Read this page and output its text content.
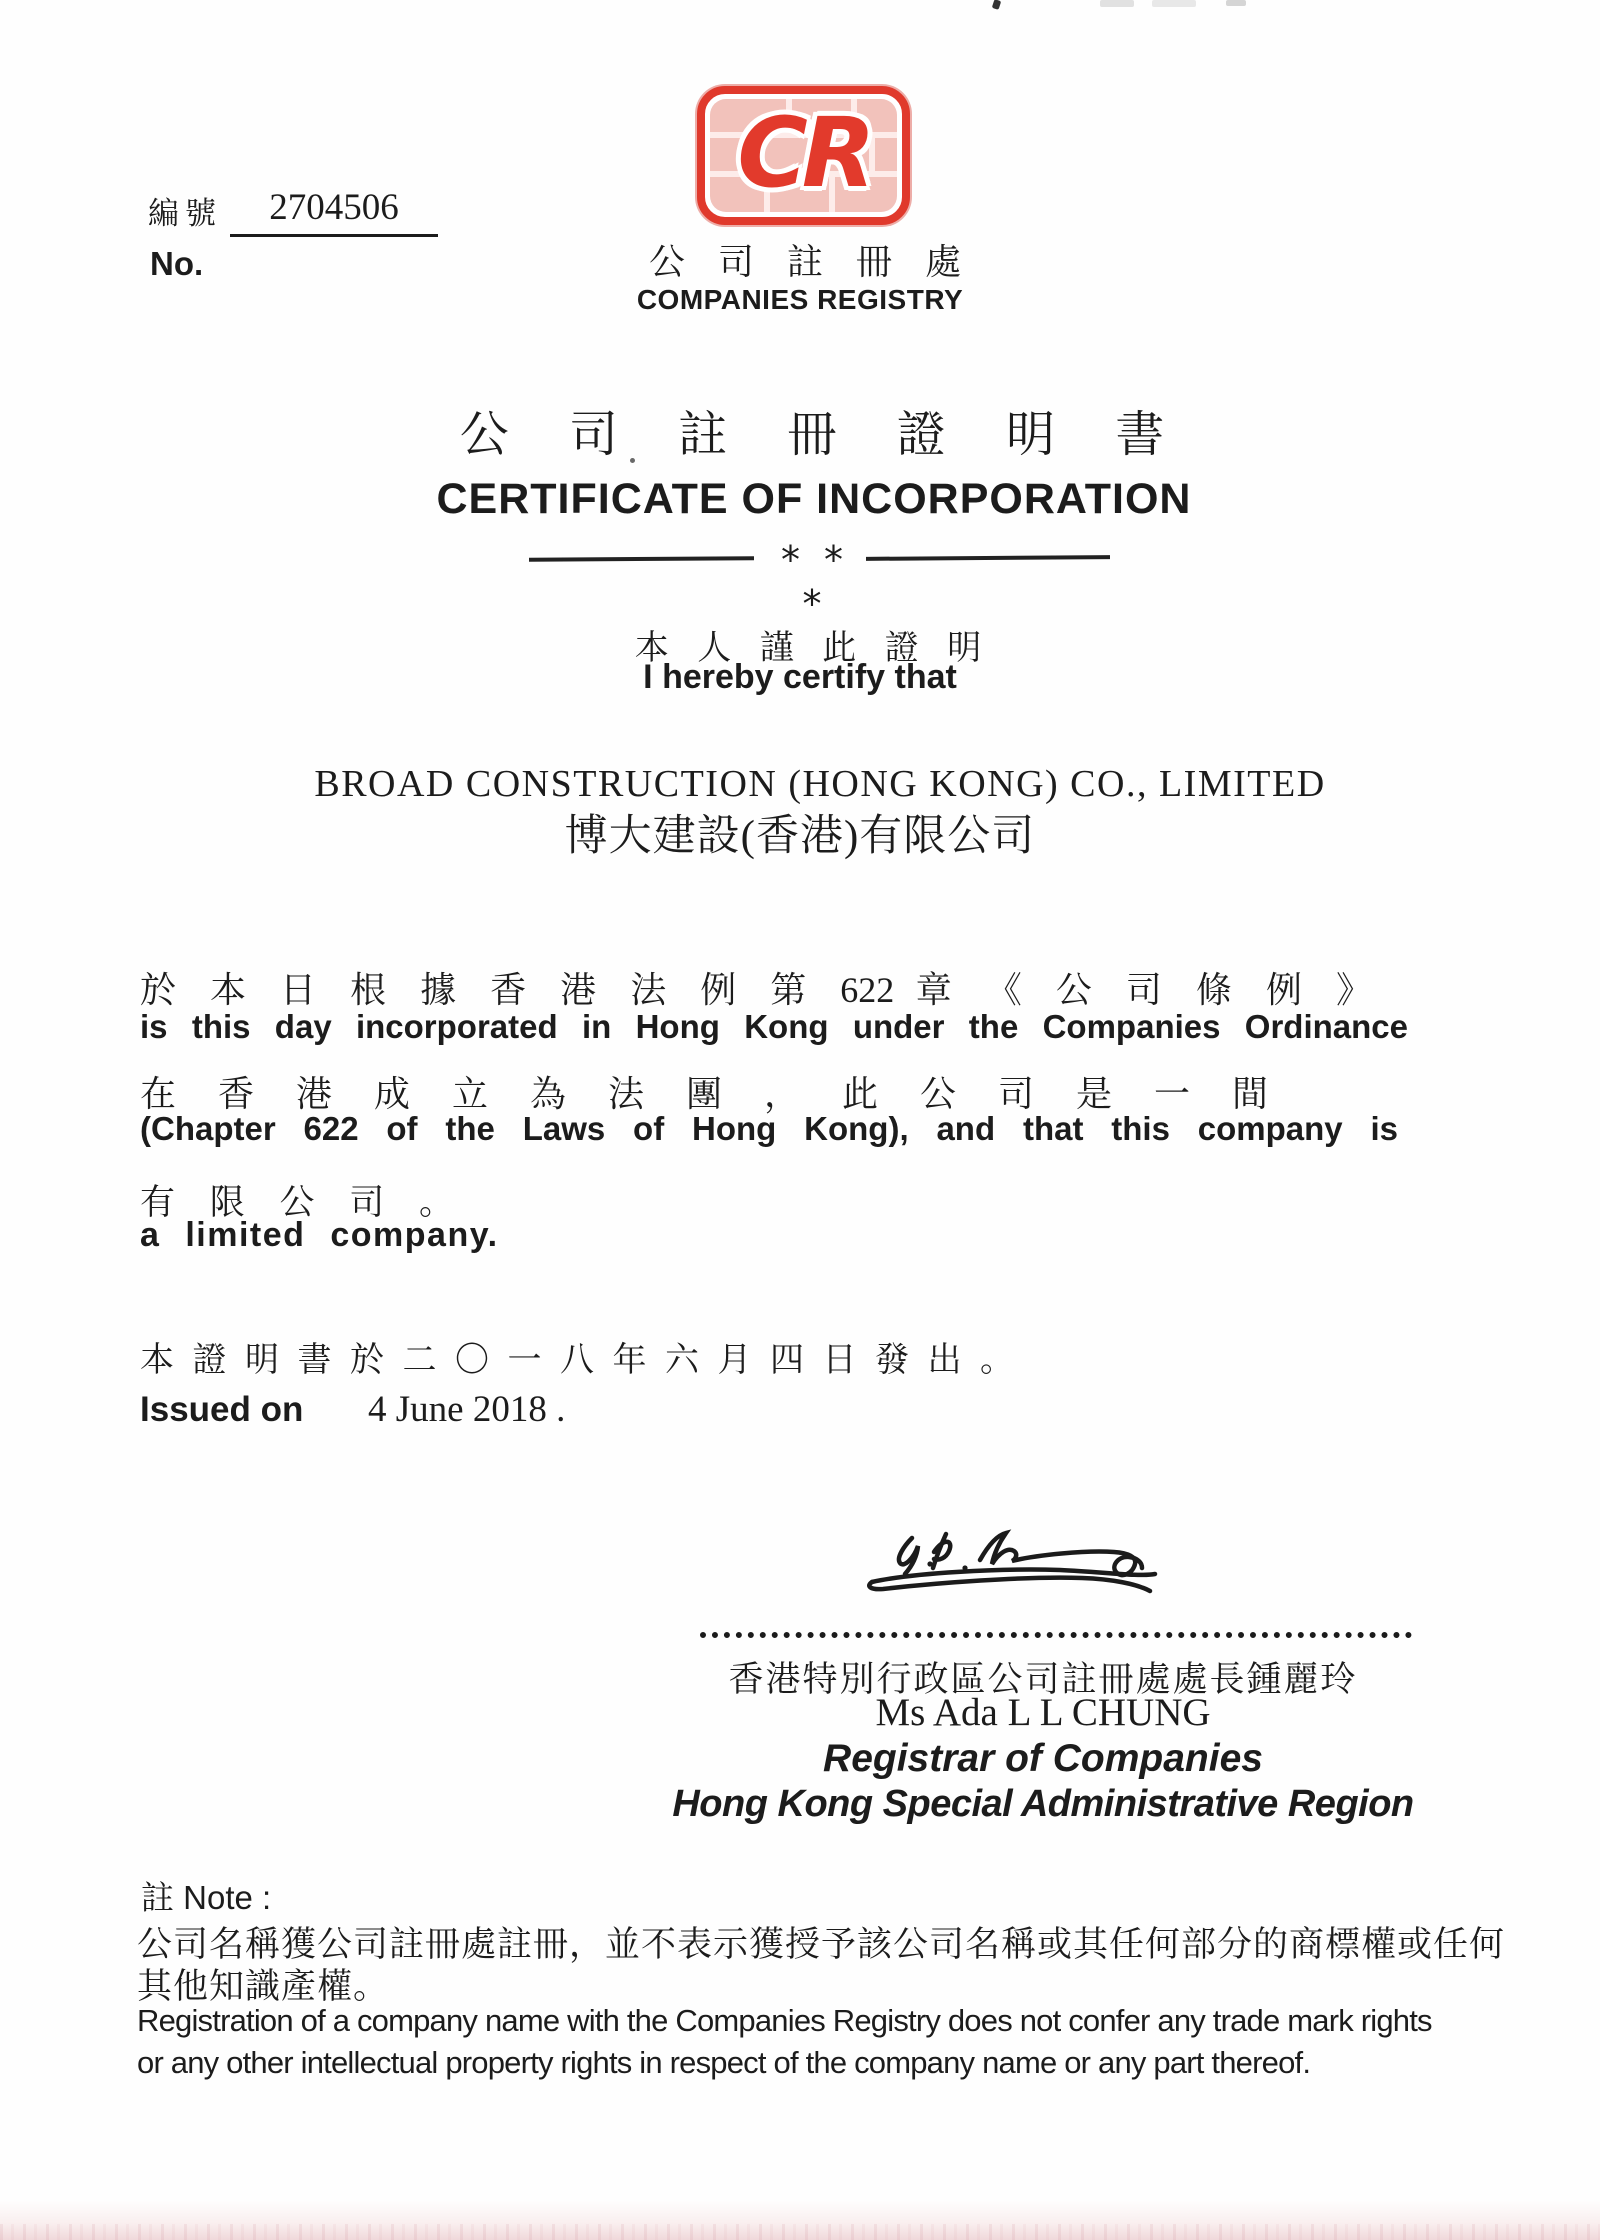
編號	2704506
No.
CR
公 司 註 冊 處
COMPANIES REGISTRY
公 司 註 冊 證 明 書
CERTIFICATE OF INCORPORATION
* * *
本 人 謹 此 證 明
I hereby certify that
BROAD CONSTRUCTION (HONG KONG) CO., LIMITED
博大建設(香港)有限公司
於 本 日 根 據 香 港 法 例 第 622 章 《 公 司 條 例 》
is this day incorporated in Hong Kong under the Companies Ordinance
在 香 港 成 立 為 法 團 ， 此 公 司 是 一 間
(Chapter 622 of the Laws of Hong Kong), and that this company is
有 限 公 司 。
a limited company.
本 證 明 書 於 二 〇 一 八 年 六 月 四 日 發 出 。
Issued on 4 June 2018 .
香港特別行政區公司註冊處處長鍾麗玲
Ms Ada L L CHUNG
Registrar of Companies
Hong Kong Special Administrative Region
註 Note :
公司名稱獲公司註冊處註冊，並不表示獲授予該公司名稱或其任何部分的商標權或任何
其他知識產權。
Registration of a company name with the Companies Registry does not confer any trade mark rights
or any other intellectual property rights in respect of the company name or any part thereof.
